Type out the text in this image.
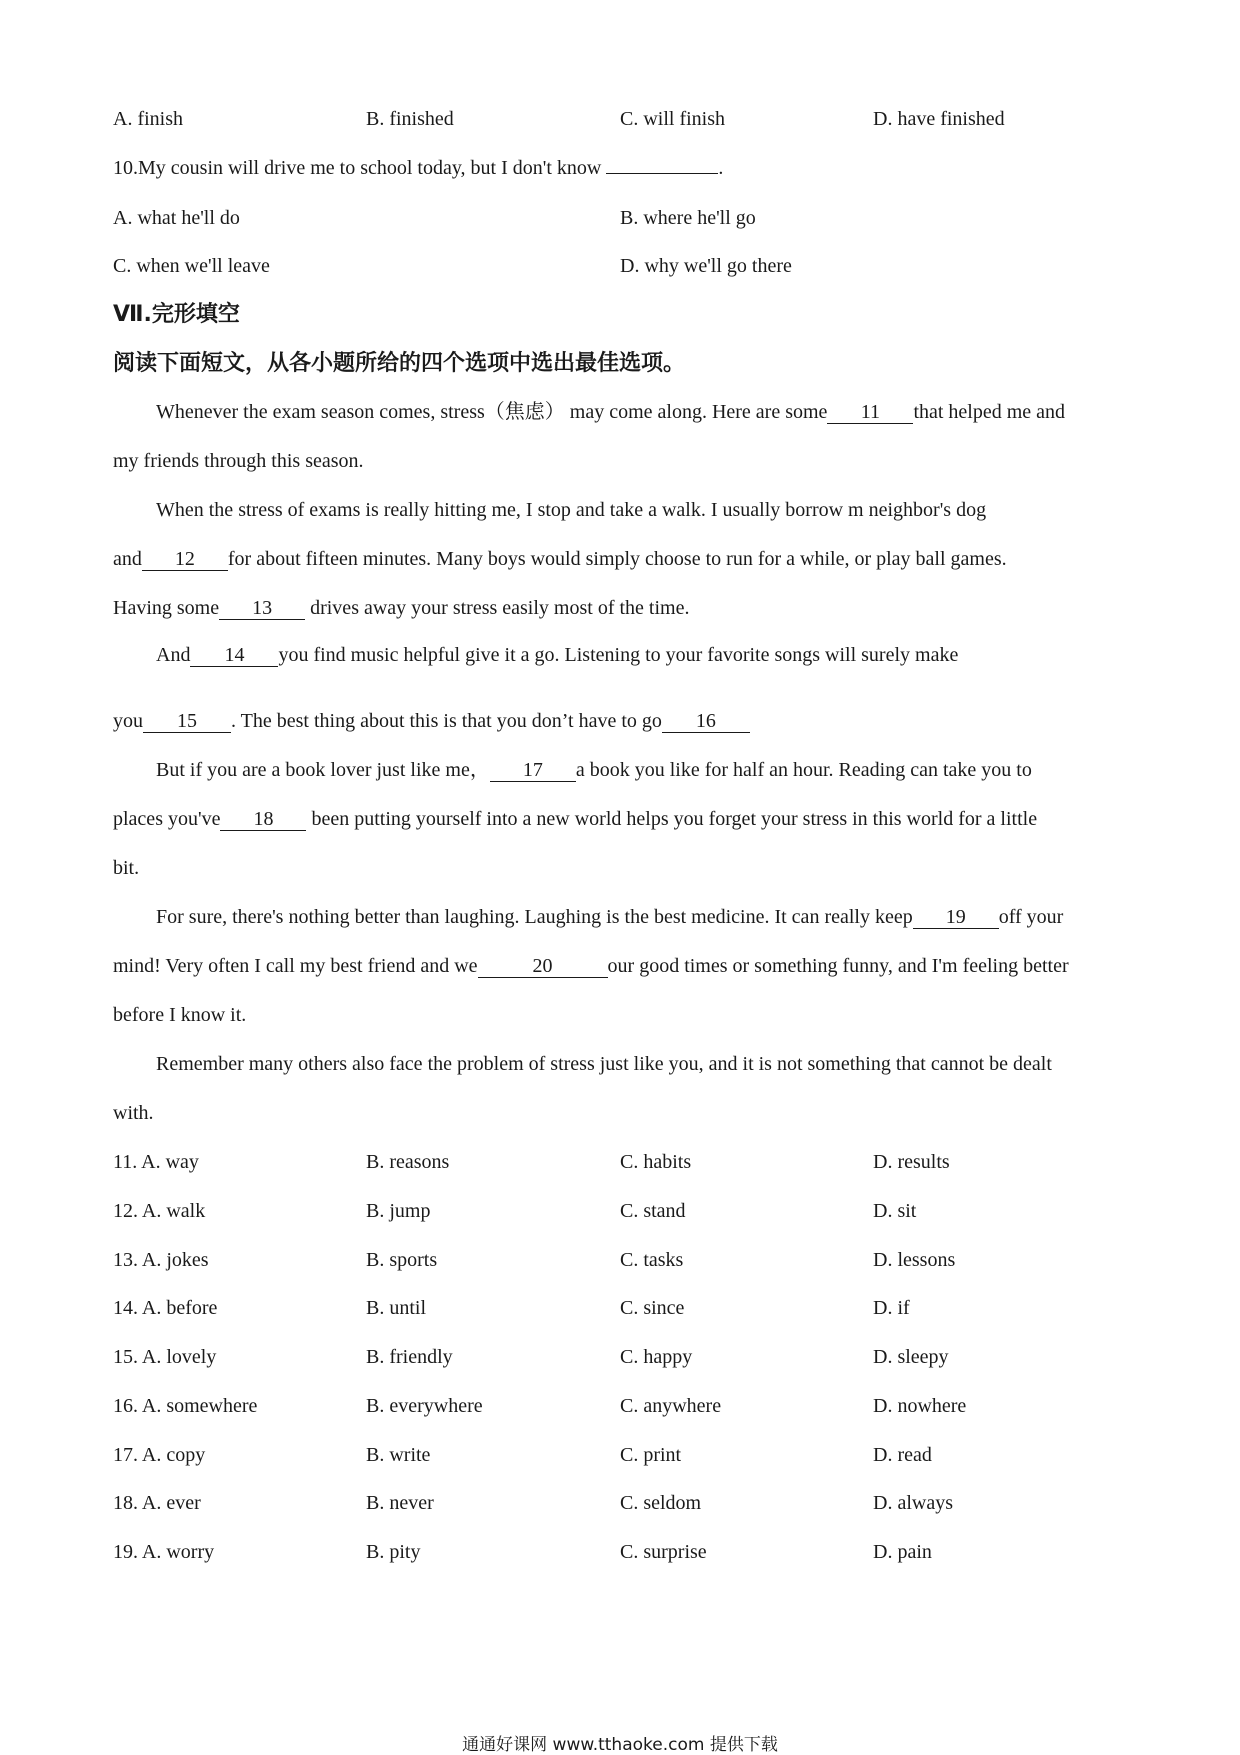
A. finish	B. finished	C. will finish	D. have finished
10.My cousin will drive me to school today, but I don't know	.
A. what he'll do	B. where he'll go
C. when we'll leave	D. why we'll go there
Ⅶ.完形填空
阅读下面短文，从各小题所给的四个选项中选出最佳选项。
Whenever the exam season comes, stress（焦虑） may come along. Here are some 11 that helped me and
my friends through this season.
When the stress of exams is really hitting me, I stop and take a walk. I usually borrow m neighbor's dog
and 12 for about fifteen minutes. Many boys would simply choose to run for a while, or play ball games.
Having some 13 drives away your stress easily most of the time.
And 14 you find music helpful give it a go. Listening to your favorite songs will surely make
you 15 . The best thing about this is that you don’t have to go 16
But if you are a book lover just like me， 17 a book you like for half an hour. Reading can take you to
places you've 18 been putting yourself into a new world helps you forget your stress in this world for a little
bit.
For sure, there's nothing better than laughing. Laughing is the best medicine. It can really keep 19 off your
mind! Very often I call my best friend and we	20	our good times or something funny, and I'm feeling better
before I know it.
Remember many others also face the problem of stress just like you, and it is not something that cannot be dealt
with.
11. A. way	B. reasons	C. habits	D. results
12. A. walk	B. jump	C. stand	D. sit
13. A. jokes	B. sports	C. tasks	D. lessons
14. A. before	B. until	C. since	D. if
15. A. lovely	B. friendly	C. happy	D. sleepy
16. A. somewhere	B. everywhere	C. anywhere	D. nowhere
17. A. copy	B. write	C. print	D. read
18. A. ever	B. never	C. seldom	D. always
19. A. worry	B. pity	C. surprise	D. pain
通通好课网 www.tthaoke.com 提供下载
